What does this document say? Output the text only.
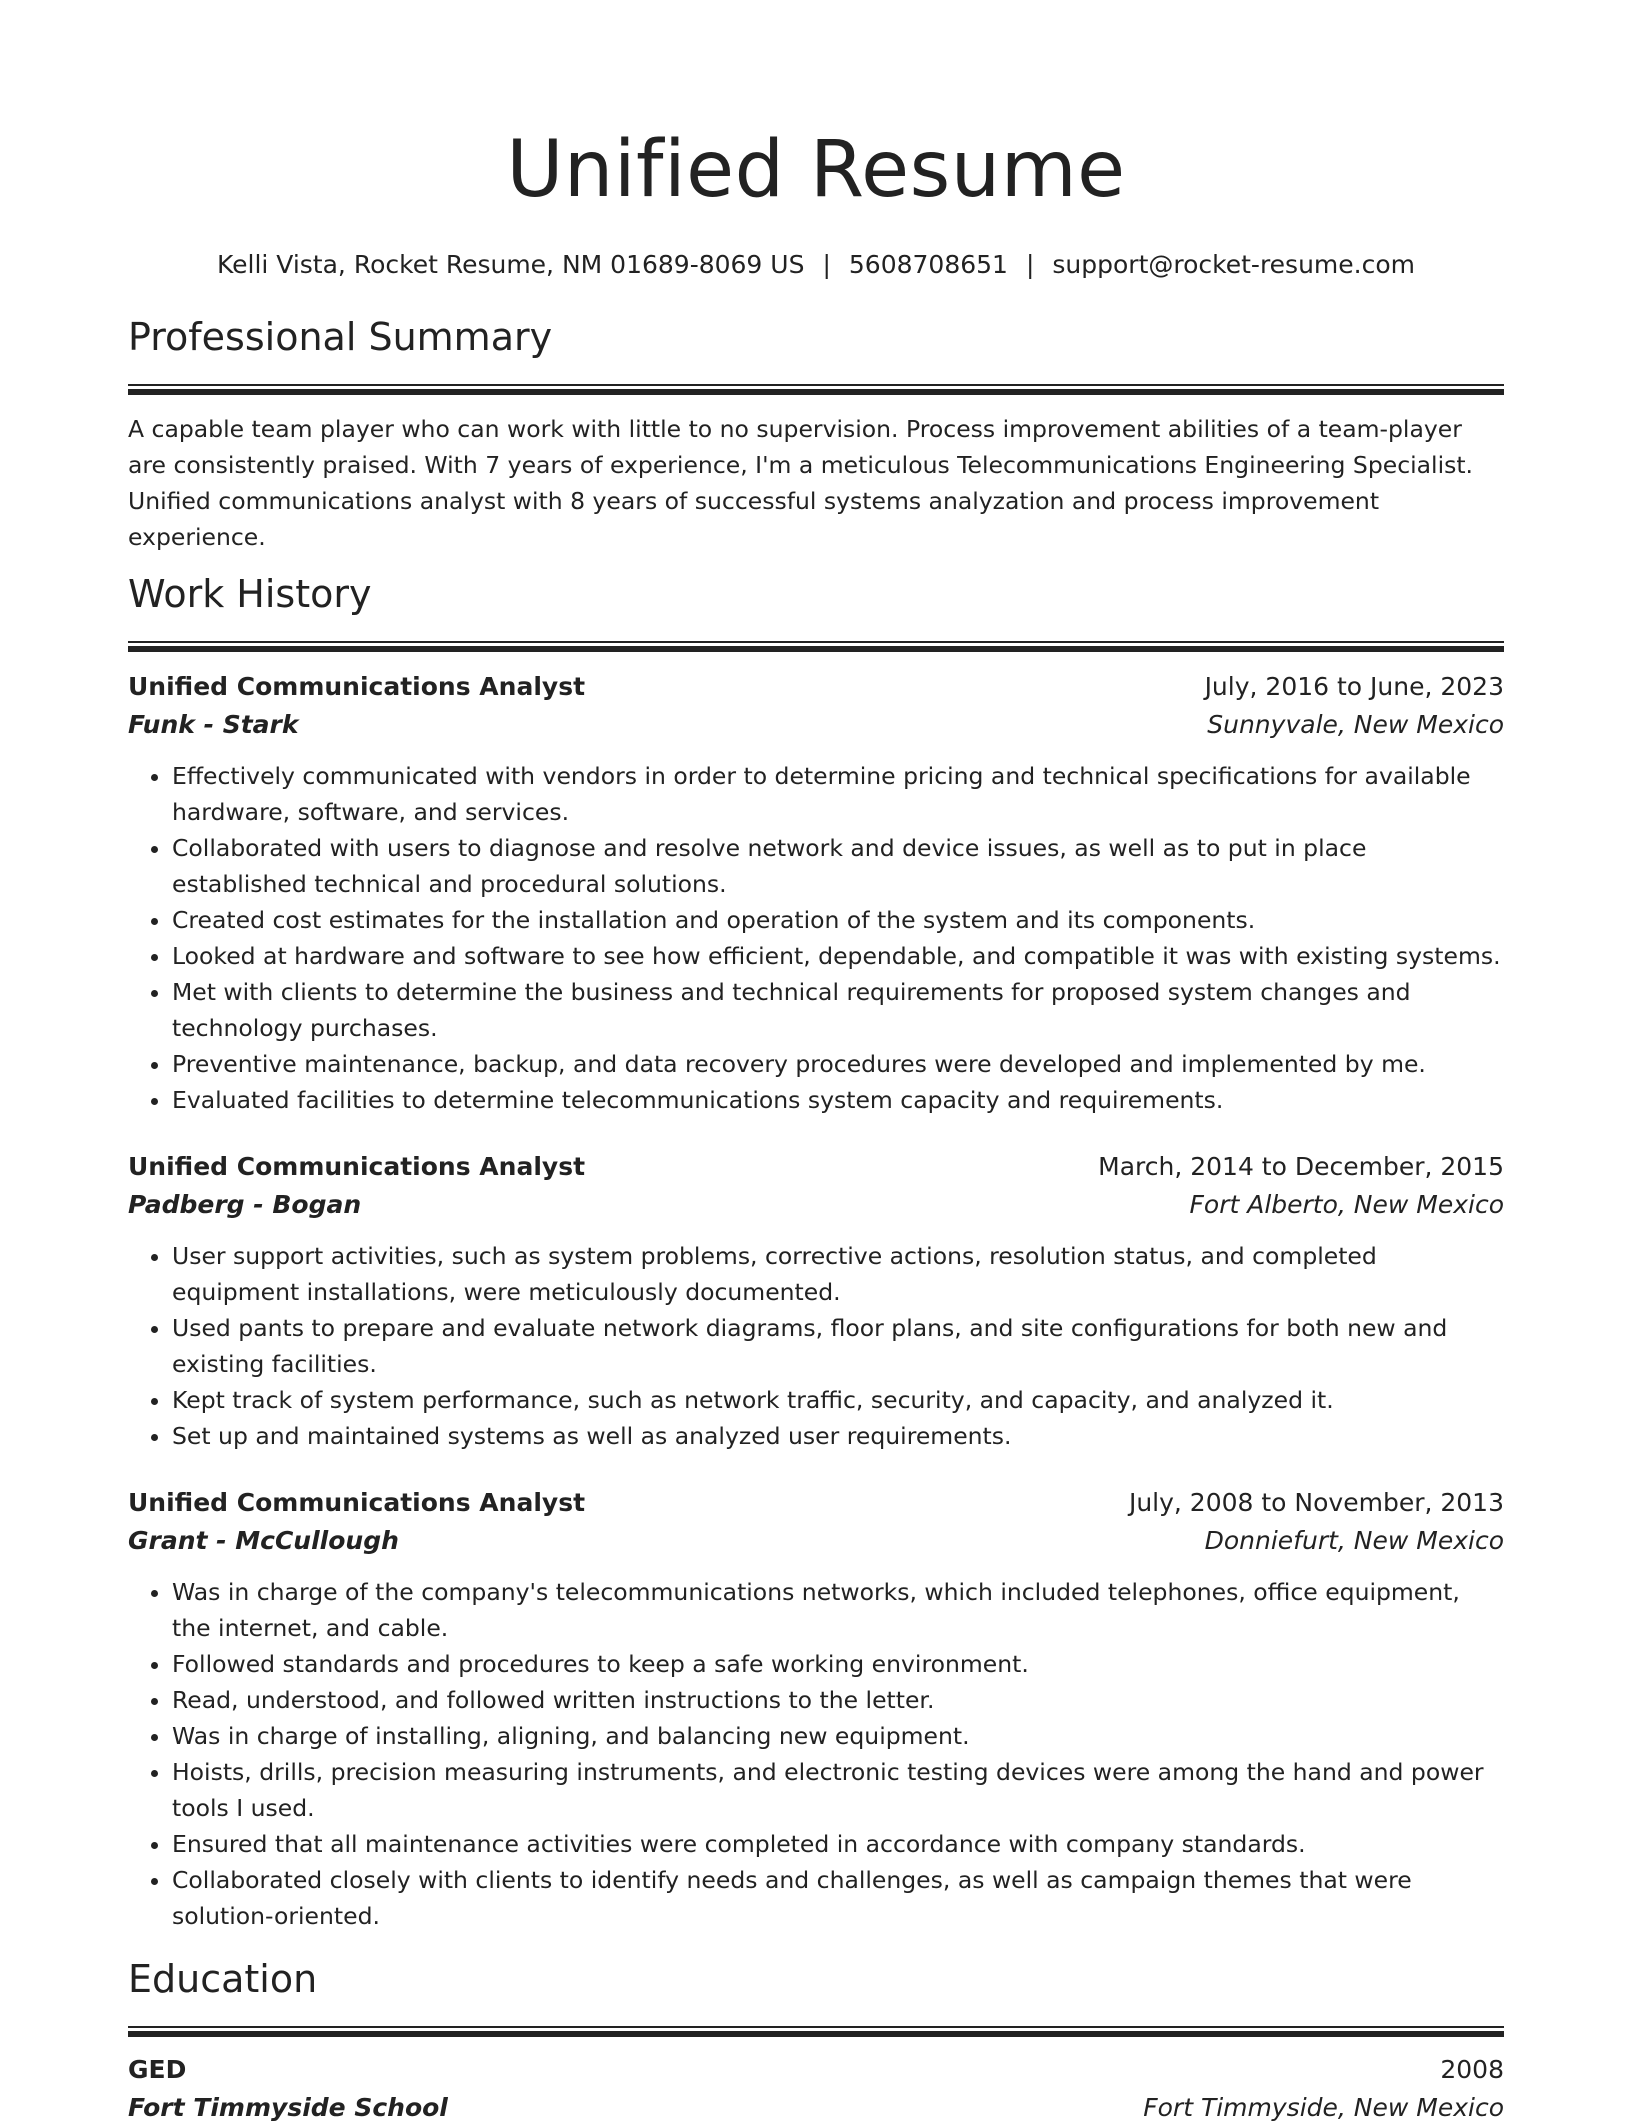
Unified Resume
Kelli Vista, Rocket Resume, NM 01689-8069 US | 5608708651 | support@rocket-resume.com
Professional Summary

A capable team player who can work with little to no supervision. Process improvement abilities of a team-player are consistently praised. With 7 years of experience, I'm a meticulous Telecommunications Engineering Specialist. Unified communications analyst with 8 years of successful systems analyzation and process improvement experience.

Work History
Unified Communications Analyst	July, 2016 to June, 2023
Funk - Stark	Sunnyvale, New Mexico
• Effectively communicated with vendors in order to determine pricing and technical specifications for available hardware, software, and services.
• Collaborated with users to diagnose and resolve network and device issues, as well as to put in place established technical and procedural solutions.
• Created cost estimates for the installation and operation of the system and its components.
• Looked at hardware and software to see how efficient, dependable, and compatible it was with existing systems.
• Met with clients to determine the business and technical requirements for proposed system changes and technology purchases.
• Preventive maintenance, backup, and data recovery procedures were developed and implemented by me.
• Evaluated facilities to determine telecommunications system capacity and requirements.
Unified Communications Analyst	March, 2014 to December, 2015
Padberg - Bogan	Fort Alberto, New Mexico
• User support activities, such as system problems, corrective actions, resolution status, and completed equipment installations, were meticulously documented.
• Used pants to prepare and evaluate network diagrams, floor plans, and site configurations for both new and existing facilities.
• Kept track of system performance, such as network traffic, security, and capacity, and analyzed it.
• Set up and maintained systems as well as analyzed user requirements.
Unified Communications Analyst	July, 2008 to November, 2013
Grant - McCullough	Donniefurt, New Mexico
• Was in charge of the company's telecommunications networks, which included telephones, office equipment, the internet, and cable.
• Followed standards and procedures to keep a safe working environment.
• Read, understood, and followed written instructions to the letter.
• Was in charge of installing, aligning, and balancing new equipment.
• Hoists, drills, precision measuring instruments, and electronic testing devices were among the hand and power tools I used.
• Ensured that all maintenance activities were completed in accordance with company standards.
• Collaborated closely with clients to identify needs and challenges, as well as campaign themes that were solution-oriented.
Education
GED	2008
Fort Timmyside School	Fort Timmyside, New Mexico
